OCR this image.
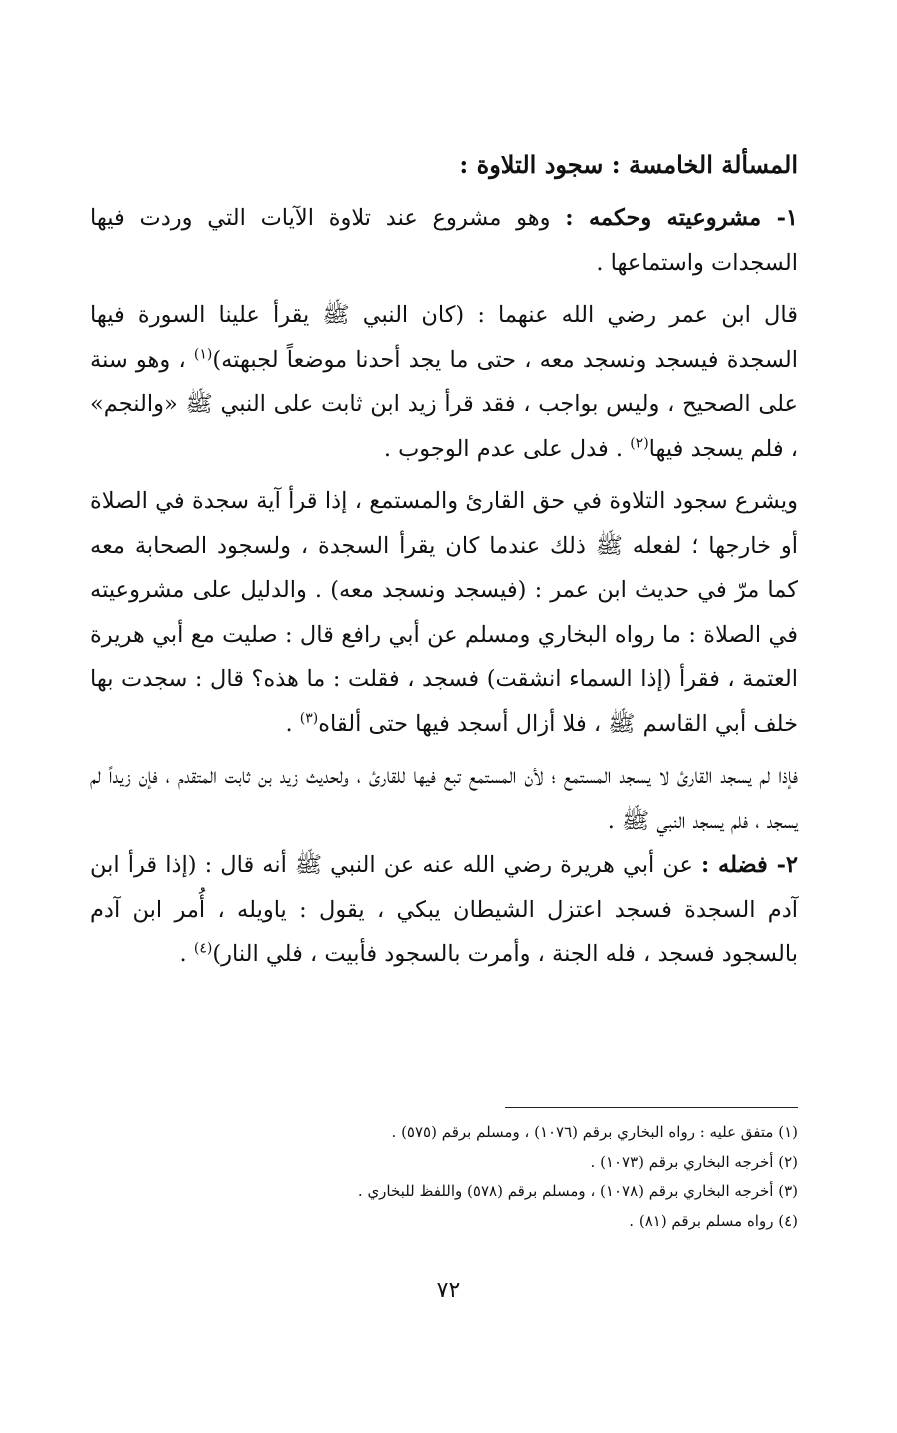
المسألة الخامسة : سجود التلاوة :

١- مشروعيته وحكمه : وهو مشروع عند تلاوة الآيات التي وردت فيها السجدات واستماعها .

قال ابن عمر رضي الله عنهما : (كان النبي ﷺ يقرأ علينا السورة فيها السجدة فيسجد ونسجد معه ، حتى ما يجد أحدنا موضعاً لجبهته)$^{(١)}$ ، وهو سنة على الصحيح ، وليس بواجب ، فقد قرأ زيد ابن ثابت على النبي ﷺ «والنجم» ، فلم يسجد فيها$^{(٢)}$ . فدل على عدم الوجوب .

ويشرع سجود التلاوة في حق القارئ والمستمع ، إذا قرأ آية سجدة في الصلاة أو خارجها ؛ لفعله ﷺ ذلك عندما كان يقرأ السجدة ، ولسجود الصحابة معه كما مرّ في حديث ابن عمر : (فيسجد ونسجد معه) . والدليل على مشروعيته في الصلاة : ما رواه البخاري ومسلم عن أبي رافع قال : صليت مع أبي هريرة العتمة ، فقرأ (إذا السماء انشقت) فسجد ، فقلت : ما هذه؟ قال : سجدت بها خلف أبي القاسم ﷺ ، فلا أزال أسجد فيها حتى ألقاه$^{(٣)}$ .

فإذا لم يسجد القارئ لا يسجد المستمع ؛ لأن المستمع تبع فيها للقارئ ، ولحديث زيد بن ثابت المتقدم ، فإن زيداً لم يسجد ، فلم يسجد النبي ﷺ .

٢- فضله : عن أبي هريرة رضي الله عنه عن النبي ﷺ أنه قال : (إذا قرأ ابن آدم السجدة فسجد اعتزل الشيطان يبكي ، يقول : ياويله ، أُمر ابن آدم بالسجود فسجد ، فله الجنة ، وأمرت بالسجود فأبيت ، فلي النار)$^{(٤)}$ .

(١) متفق عليه : رواه البخاري برقم (١٠٧٦) ، ومسلم برقم (٥٧٥) .

(٢) أخرجه البخاري برقم (١٠٧٣) .

(٣) أخرجه البخاري برقم (١٠٧٨) ، ومسلم برقم (٥٧٨) واللفظ للبخاري .

(٤) رواه مسلم برقم (٨١) .

٧٢
